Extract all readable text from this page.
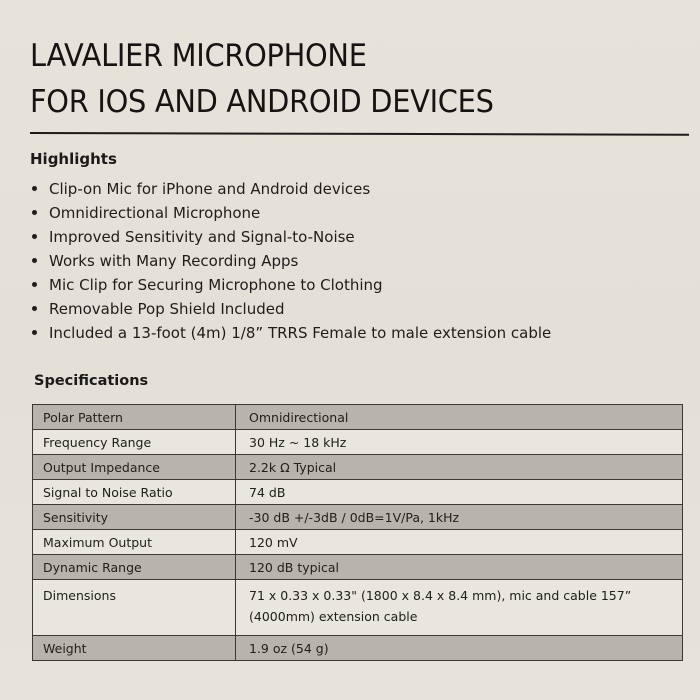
LAVALIER MICROPHONE
FOR IOS AND ANDROID DEVICES
Highlights
Clip-on Mic for iPhone and Android devices
Omnidirectional Microphone
Improved Sensitivity and Signal-to-Noise
Works with Many Recording Apps
Mic Clip for Securing Microphone to Clothing
Removable Pop Shield Included
Included a 13-foot (4m) 1/8” TRRS Female to male extension cable
Specifications
Polar Pattern	Omnidirectional
Frequency Range	30 Hz ~ 18 kHz
Output Impedance	2.2k Ω Typical
Signal to Noise Ratio	74 dB
Sensitivity	-30 dB +/-3dB / 0dB=1V/Pa, 1kHz
Maximum Output	120 mV
Dynamic Range	120 dB typical
Dimensions	71 x 0.33 x 0.33" (1800 x 8.4 x 8.4 mm), mic and cable 157” (4000mm) extension cable
Weight	1.9 oz (54 g)
